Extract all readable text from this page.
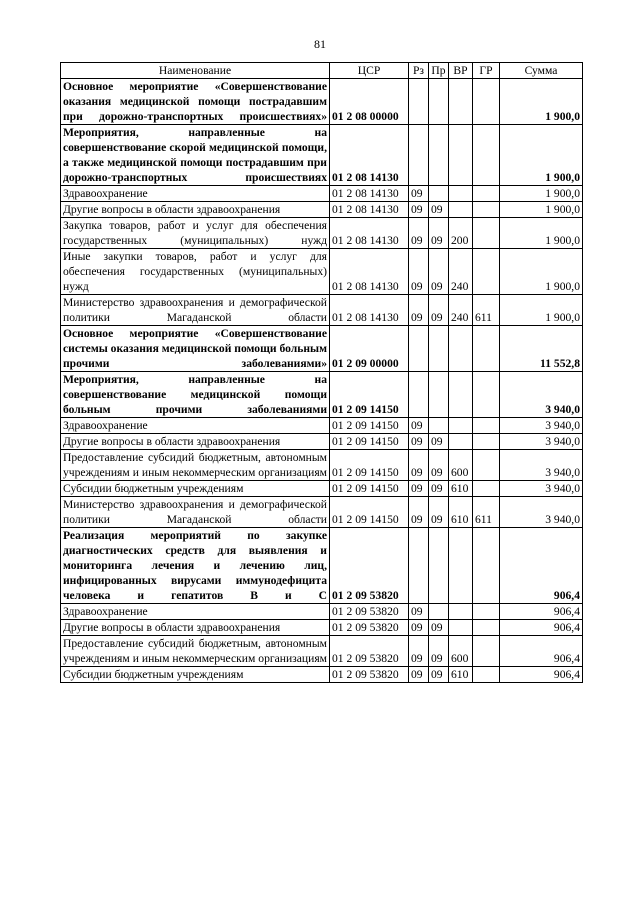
81
Наименование	ЦСР	Рз	Пр	ВР	ГР	Сумма
Основное мероприятие «Совершенствование оказания медицинской помощи пострадавшим при дорожно-транспортных происшествиях»	01 2 08 00000					1 900,0
Мероприятия, направленные на совершенствование скорой медицинской помощи, а также медицинской помощи пострадавшим при дорожно-транспортных происшествиях	01 2 08 14130					1 900,0
Здравоохранение	01 2 08 14130	09				1 900,0
Другие вопросы в области здравоохранения	01 2 08 14130	09	09			1 900,0
Закупка товаров, работ и услуг для обеспечения государственных (муниципальных) нужд	01 2 08 14130	09	09	200		1 900,0
Иные закупки товаров, работ и услуг для обеспечения государственных (муниципальных) нужд	01 2 08 14130	09	09	240		1 900,0
Министерство здравоохранения и демографической политики Магаданской области	01 2 08 14130	09	09	240	611	1 900,0
Основное мероприятие «Совершенствование системы оказания медицинской помощи больным прочими заболеваниями»	01 2 09 00000					11 552,8
Мероприятия, направленные на совершенствование медицинской помощи больным прочими заболеваниями	01 2 09 14150					3 940,0
Здравоохранение	01 2 09 14150	09				3 940,0
Другие вопросы в области здравоохранения	01 2 09 14150	09	09			3 940,0
Предоставление субсидий бюджетным, автономным учреждениям и иным некоммерческим организациям	01 2 09 14150	09	09	600		3 940,0
Субсидии бюджетным учреждениям	01 2 09 14150	09	09	610		3 940,0
Министерство здравоохранения и демографической политики Магаданской области	01 2 09 14150	09	09	610	611	3 940,0
Реализация мероприятий по закупке диагностических средств для выявления и мониторинга лечения и лечению лиц, инфицированных вирусами иммунодефицита человека и гепатитов В и С	01 2 09 53820					906,4
Здравоохранение	01 2 09 53820	09				906,4
Другие вопросы в области здравоохранения	01 2 09 53820	09	09			906,4
Предоставление субсидий бюджетным, автономным учреждениям и иным некоммерческим организациям	01 2 09 53820	09	09	600		906,4
Субсидии бюджетным учреждениям	01 2 09 53820	09	09	610		906,4
